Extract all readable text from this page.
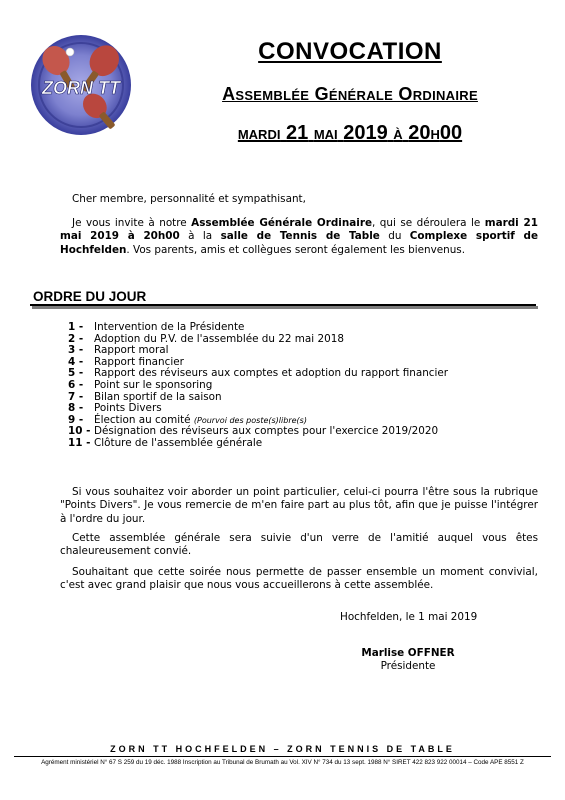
ZORN TT
CONVOCATION
Assemblée Générale Ordinaire
mardi 21 mai 2019 à 20h00

Cher membre, personnalité et sympathisant,

Je vous invite à notre Assemblée Générale Ordinaire, qui se déroulera le mardi 21 mai 2019 à 20h00 à la salle de Tennis de Table du Complexe sportif de Hochfelden. Vos parents, amis et collègues seront également les bienvenus.

ORDRE DU JOUR
1 -	Intervention de la Présidente
2 -	Adoption du P.V. de l'assemblée du 22 mai 2018
3 -	Rapport moral
4 -	Rapport financier
5 -	Rapport des réviseurs aux comptes et adoption du rapport financier
6 -	Point sur le sponsoring
7 -	Bilan sportif de la saison
8 -	Points Divers
9 -	Élection au comité (Pourvoi des poste(s)libre(s)
10 - Désignation des réviseurs aux comptes pour l'exercice 2019/2020
11 - Clôture de l'assemblée générale

Si vous souhaitez voir aborder un point particulier, celui-ci pourra l'être sous la rubrique "Points Divers". Je vous remercie de m'en faire part au plus tôt, afin que je puisse l'intégrer à l'ordre du jour.

Cette assemblée générale sera suivie d'un verre de l'amitié auquel vous êtes chaleureusement convié.

Souhaitant que cette soirée nous permette de passer ensemble un moment convivial, c'est avec grand plaisir que nous vous accueillerons à cette assemblée.

Hochfelden, le 1 mai 2019
Marlise OFFNER
Présidente
ZORN TT HOCHFELDEN – ZORN TENNIS DE TABLE
Agrément ministériel N° 67 S 259 du 19 déc. 1988 Inscription au Tribunal de Brumath au Vol. XIV N° 734 du 13 sept. 1988 N° SIRET 422 823 922 00014 – Code APE 8551 Z
